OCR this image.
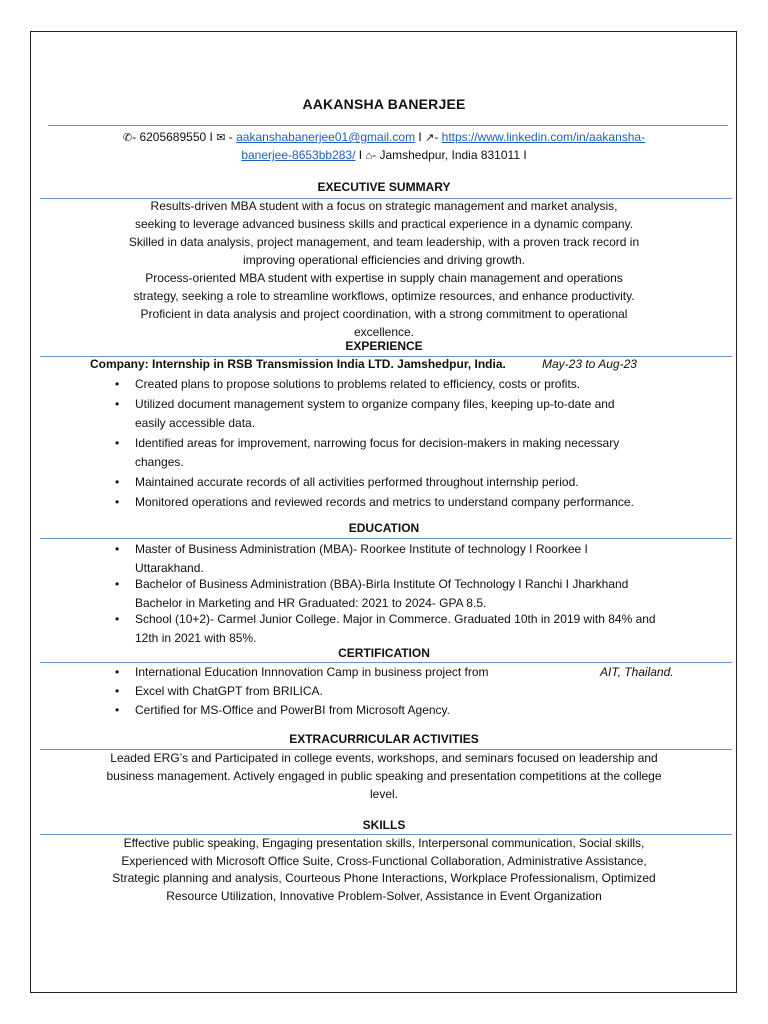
AAKANSHA BANERJEE
✆- 6205689550 I ✉ - aakanshabanerjee01@gmail.com I ↗- https://www.linkedin.com/in/aakansha-
banerjee-8653bb283/ I ⌂- Jamshedpur, India 831011 I
EXECUTIVE SUMMARY
Results-driven MBA student with a focus on strategic management and market analysis,
seeking to leverage advanced business skills and practical experience in a dynamic company.
Skilled in data analysis, project management, and team leadership, with a proven track record in
improving operational efficiencies and driving growth.
Process-oriented MBA student with expertise in supply chain management and operations
strategy, seeking a role to streamline workflows, optimize resources, and enhance productivity.
Proficient in data analysis and project coordination, with a strong commitment to operational
excellence.
EXPERIENCE
Company: Internship in RSB Transmission India LTD. Jamshedpur, India.	May-23 to Aug-23
• Created plans to propose solutions to problems related to efficiency, costs or profits.
• Utilized document management system to organize company files, keeping up-to-date and
easily accessible data.
• Identified areas for improvement, narrowing focus for decision-makers in making necessary
changes.
• Maintained accurate records of all activities performed throughout internship period.
• Monitored operations and reviewed records and metrics to understand company performance.
EDUCATION
• Master of Business Administration (MBA)- Roorkee Institute of technology I Roorkee I
Uttarakhand.
• Bachelor of Business Administration (BBA)-Birla Institute Of Technology I Ranchi I Jharkhand
Bachelor in Marketing and HR Graduated: 2021 to 2024- GPA 8.5.
• School (10+2)- Carmel Junior College. Major in Commerce. Graduated 10th in 2019 with 84% and
12th in 2021 with 85%.
CERTIFICATION
• International Education Innnovation Camp in business project from	AIT, Thailand.
• Excel with ChatGPT from BRILICA.
• Certified for MS-Office and PowerBI from Microsoft Agency.
EXTRACURRICULAR ACTIVITIES
Leaded ERG’s and Participated in college events, workshops, and seminars focused on leadership and
business management. Actively engaged in public speaking and presentation competitions at the college
level.
SKILLS
Effective public speaking, Engaging presentation skills, Interpersonal communication, Social skills,
Experienced with Microsoft Office Suite, Cross-Functional Collaboration, Administrative Assistance,
Strategic planning and analysis, Courteous Phone Interactions, Workplace Professionalism, Optimized
Resource Utilization, Innovative Problem-Solver, Assistance in Event Organization
